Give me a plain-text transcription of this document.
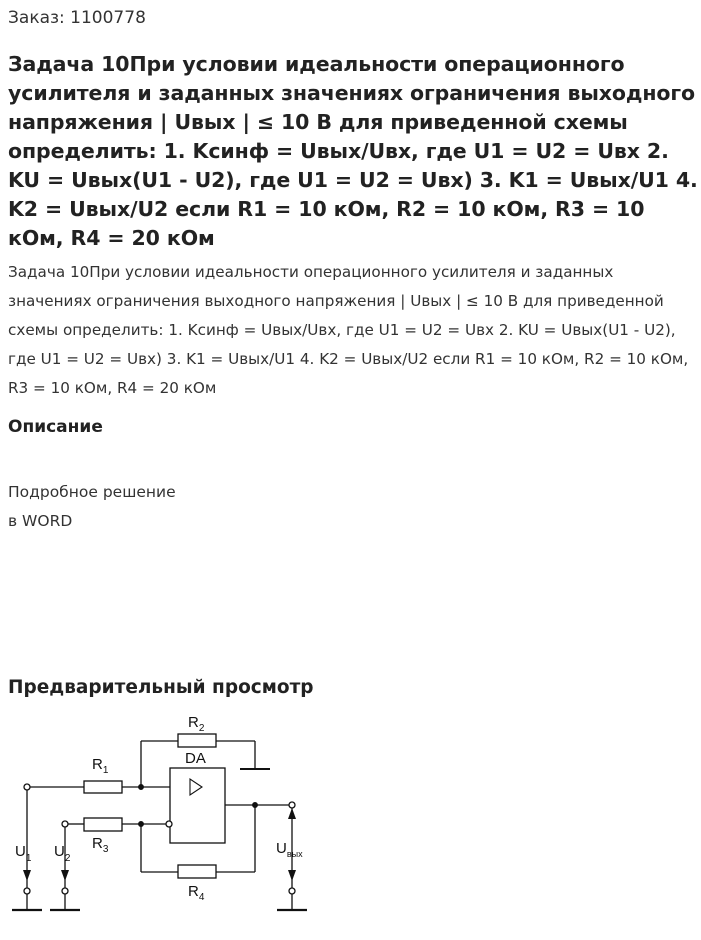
Заказ: 1100778
Задача 10При условии идеальности операционного усилителя и заданных значениях ограничения выходного напряжения | Uвых | ≤ 10 В для приведенной схемы определить: 1. Kсинф = Uвых/Uвх, где U1 = U2 = Uвх 2. KU = Uвых(U1 - U2), где U1 = U2 = Uвх) 3. K1 = Uвых/U1 4. K2 = Uвых/U2 если R1 = 10 кОм, R2 = 10 кОм, R3 = 10 кОм, R4 = 20 кОм
Задача 10При условии идеальности операционного усилителя и заданных значениях ограничения выходного напряжения | Uвых | ≤ 10 В для приведенной схемы определить: 1. Kсинф = Uвых/Uвх, где U1 = U2 = Uвх 2. KU = Uвых(U1 - U2), где U1 = U2 = Uвх) 3. K1 = Uвых/U1 4. K2 = Uвых/U2 если R1 = 10 кОм, R2 = 10 кОм, R3 = 10 кОм, R4 = 20 кОм
Описание
Подробное решение
в WORD
Предварительный просмотр
$R_2$
$R_1$
DA
$R_3$
$R_4$
$U_1$ $U_2$
$U_{вых}$
